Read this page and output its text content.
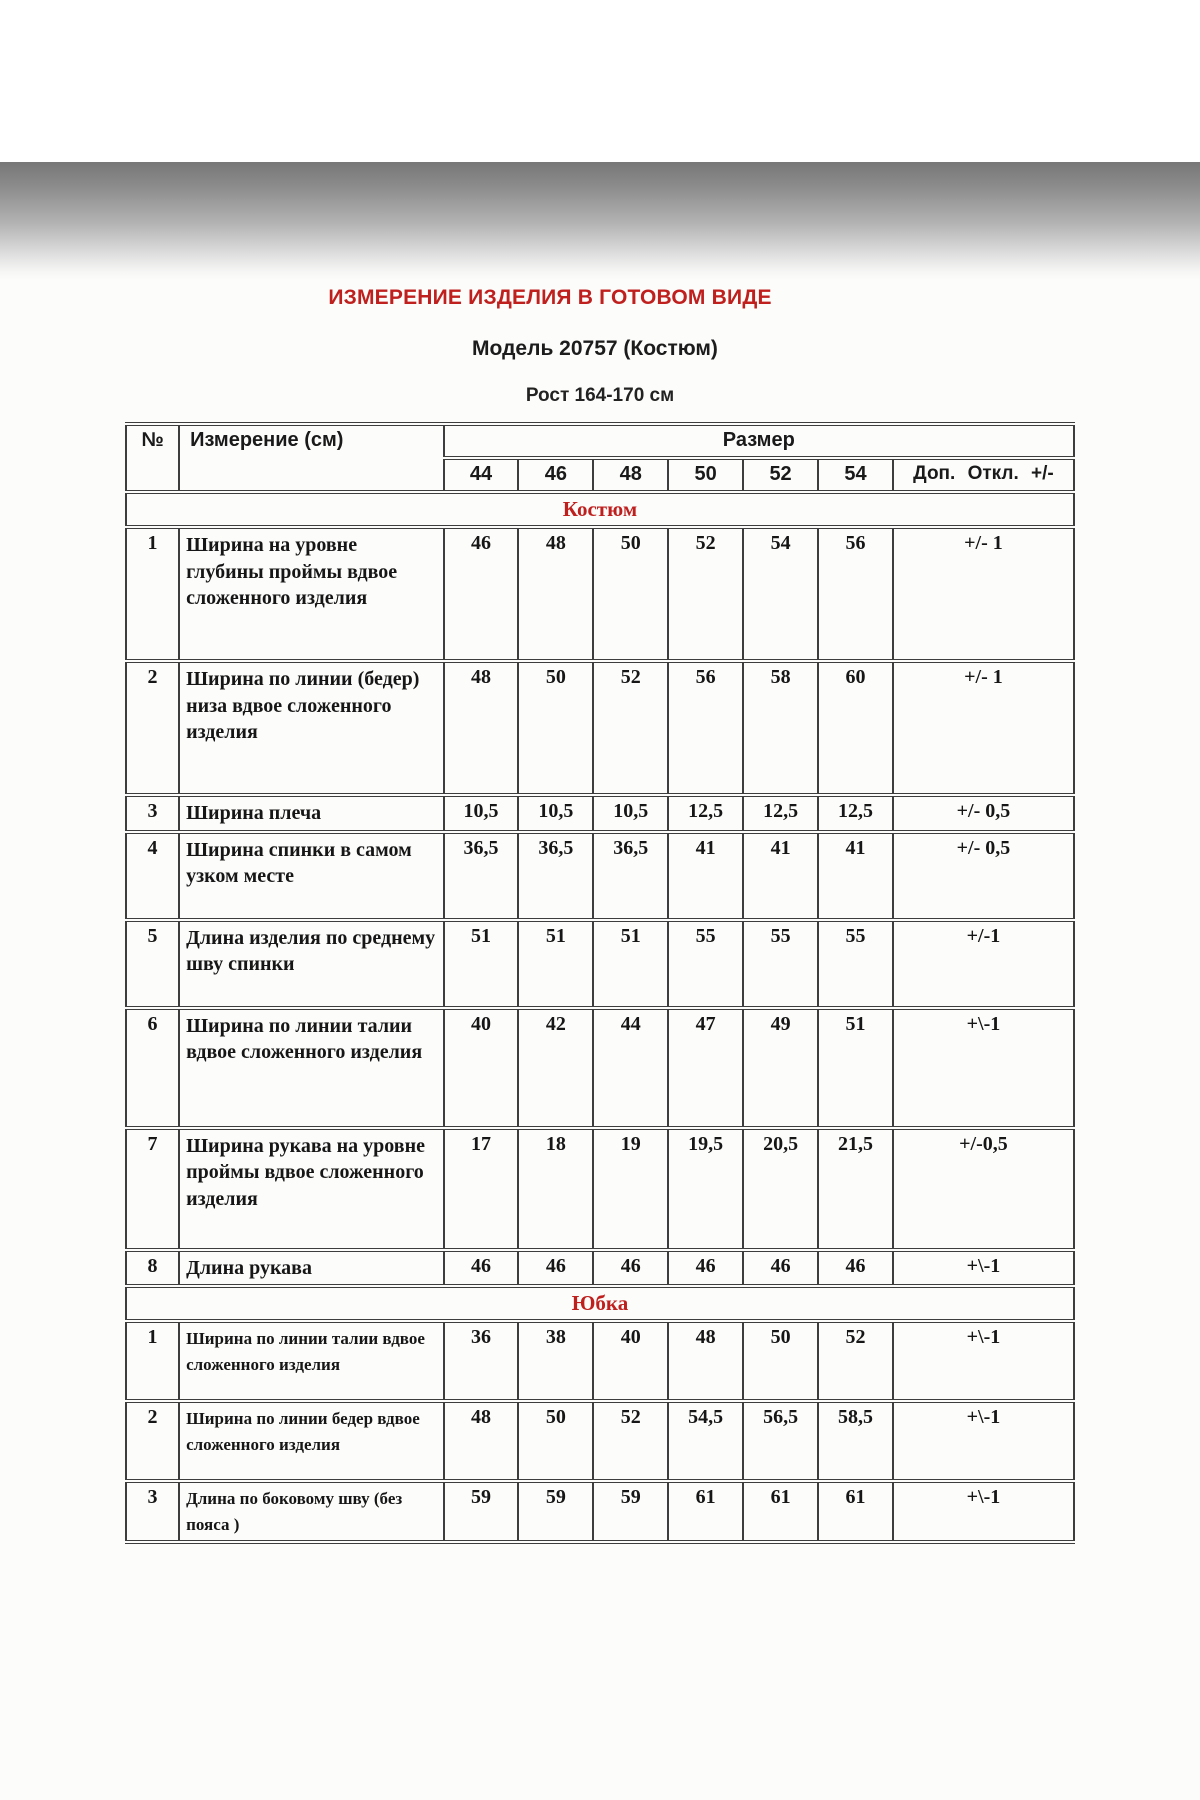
ИЗМЕРЕНИЕ ИЗДЕЛИЯ В ГОТОВОМ ВИДЕ
Модель 20757 (Костюм)
Рост 164-170 см
№	Измерение (см)	Размер						
		44	46	48	50	52	54	Доп. Откл. +/-
Костюм								
1	Ширина на уровне глубины проймы вдвое сложенного изделия	46	48	50	52	54	56	+/- 1
2	Ширина по линии (бедер) низа вдвое сложенного изделия	48	50	52	56	58	60	+/- 1
3	Ширина плеча	10,5	10,5	10,5	12,5	12,5	12,5	+/- 0,5
4	Ширина спинки в самом узком месте	36,5	36,5	36,5	41	41	41	+/- 0,5
5	Длина изделия по среднему шву спинки	51	51	51	55	55	55	+/-1
6	Ширина по линии талии вдвое сложенного изделия	40	42	44	47	49	51	+\-1
7	Ширина рукава на уровне проймы вдвое сложенного изделия	17	18	19	19,5	20,5	21,5	+/-0,5
8	Длина рукава	46	46	46	46	46	46	+\-1
Юбка								
1	Ширина по линии талии вдвое сложенного изделия	36	38	40	48	50	52	+\-1
2	Ширина по линии бедер вдвое сложенного изделия	48	50	52	54,5	56,5	58,5	+\-1
3	Длина по боковому шву (без пояса )	59	59	59	61	61	61	+\-1
